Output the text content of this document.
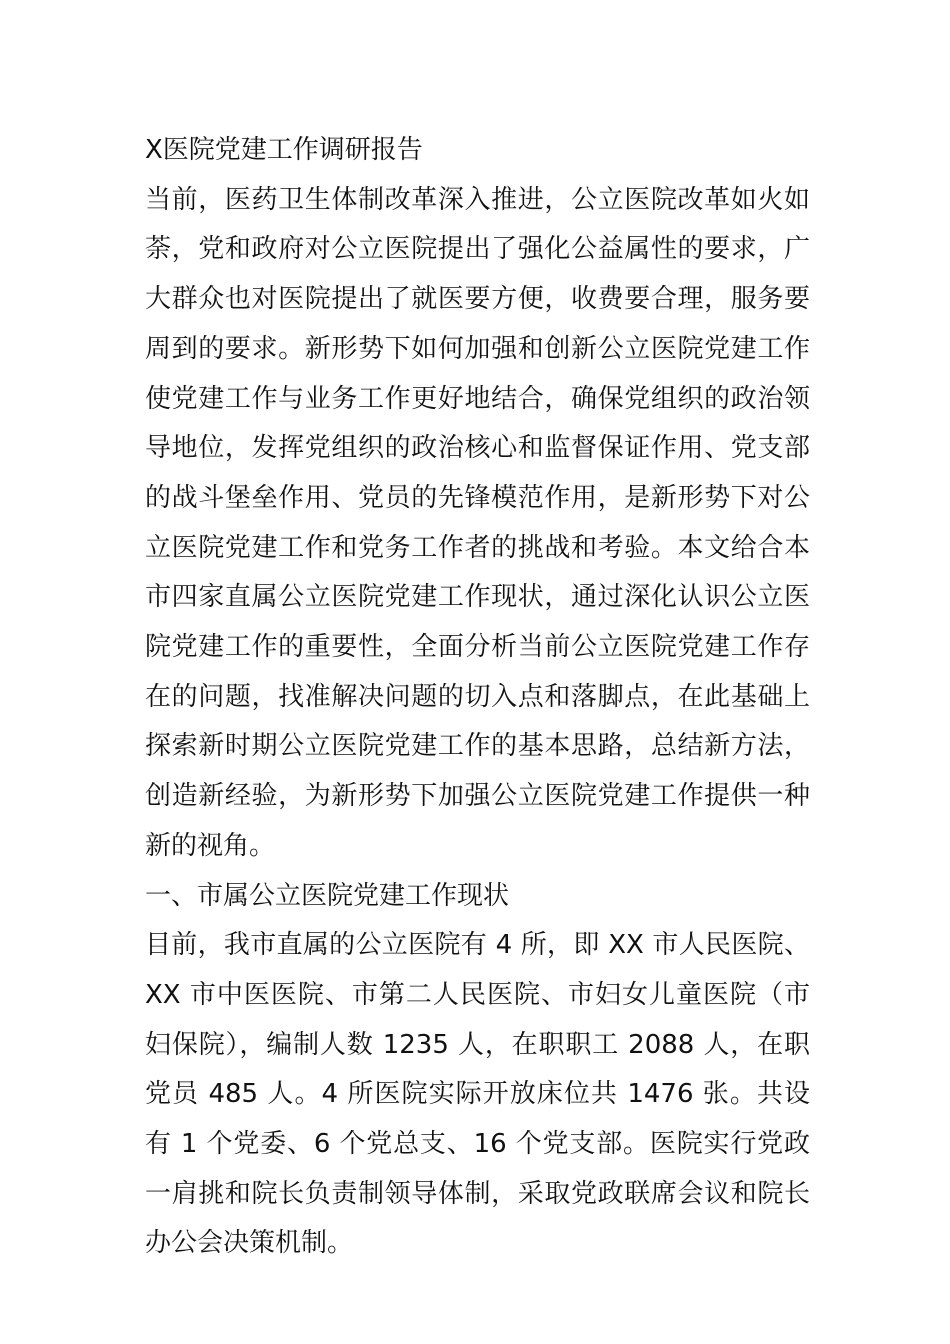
X医院党建工作调研报告

当前，医药卫生体制改革深入推进，公立医院改革如火如荼，党和政府对公立医院提出了强化公益属性的要求，广大群众也对医院提出了就医要方便，收费要合理，服务要周到的要求。新形势下如何加强和创新公立医院党建工作使党建工作与业务工作更好地结合，确保党组织的政治领导地位，发挥党组织的政治核心和监督保证作用、党支部的战斗堡垒作用、党员的先锋模范作用，是新形势下对公立医院党建工作和党务工作者的挑战和考验。本文给合本市四家直属公立医院党建工作现状，通过深化认识公立医院党建工作的重要性，全面分析当前公立医院党建工作存在的问题，找准解决问题的切入点和落脚点，在此基础上探索新时期公立医院党建工作的基本思路，总结新方法，创造新经验，为新形势下加强公立医院党建工作提供一种新的视角。

一、市属公立医院党建工作现状

目前，我市直属的公立医院有 4 所，即 XX 市人民医院、XX 市中医医院、市第二人民医院、市妇女儿童医院（市妇保院），编制人数 1235 人，在职职工 2088 人，在职党员 485 人。4 所医院实际开放床位共 1476 张。共设有 1 个党委、6 个党总支、16 个党支部。医院实行党政一肩挑和院长负责制领导体制，采取党政联席会议和院长办公会决策机制。
